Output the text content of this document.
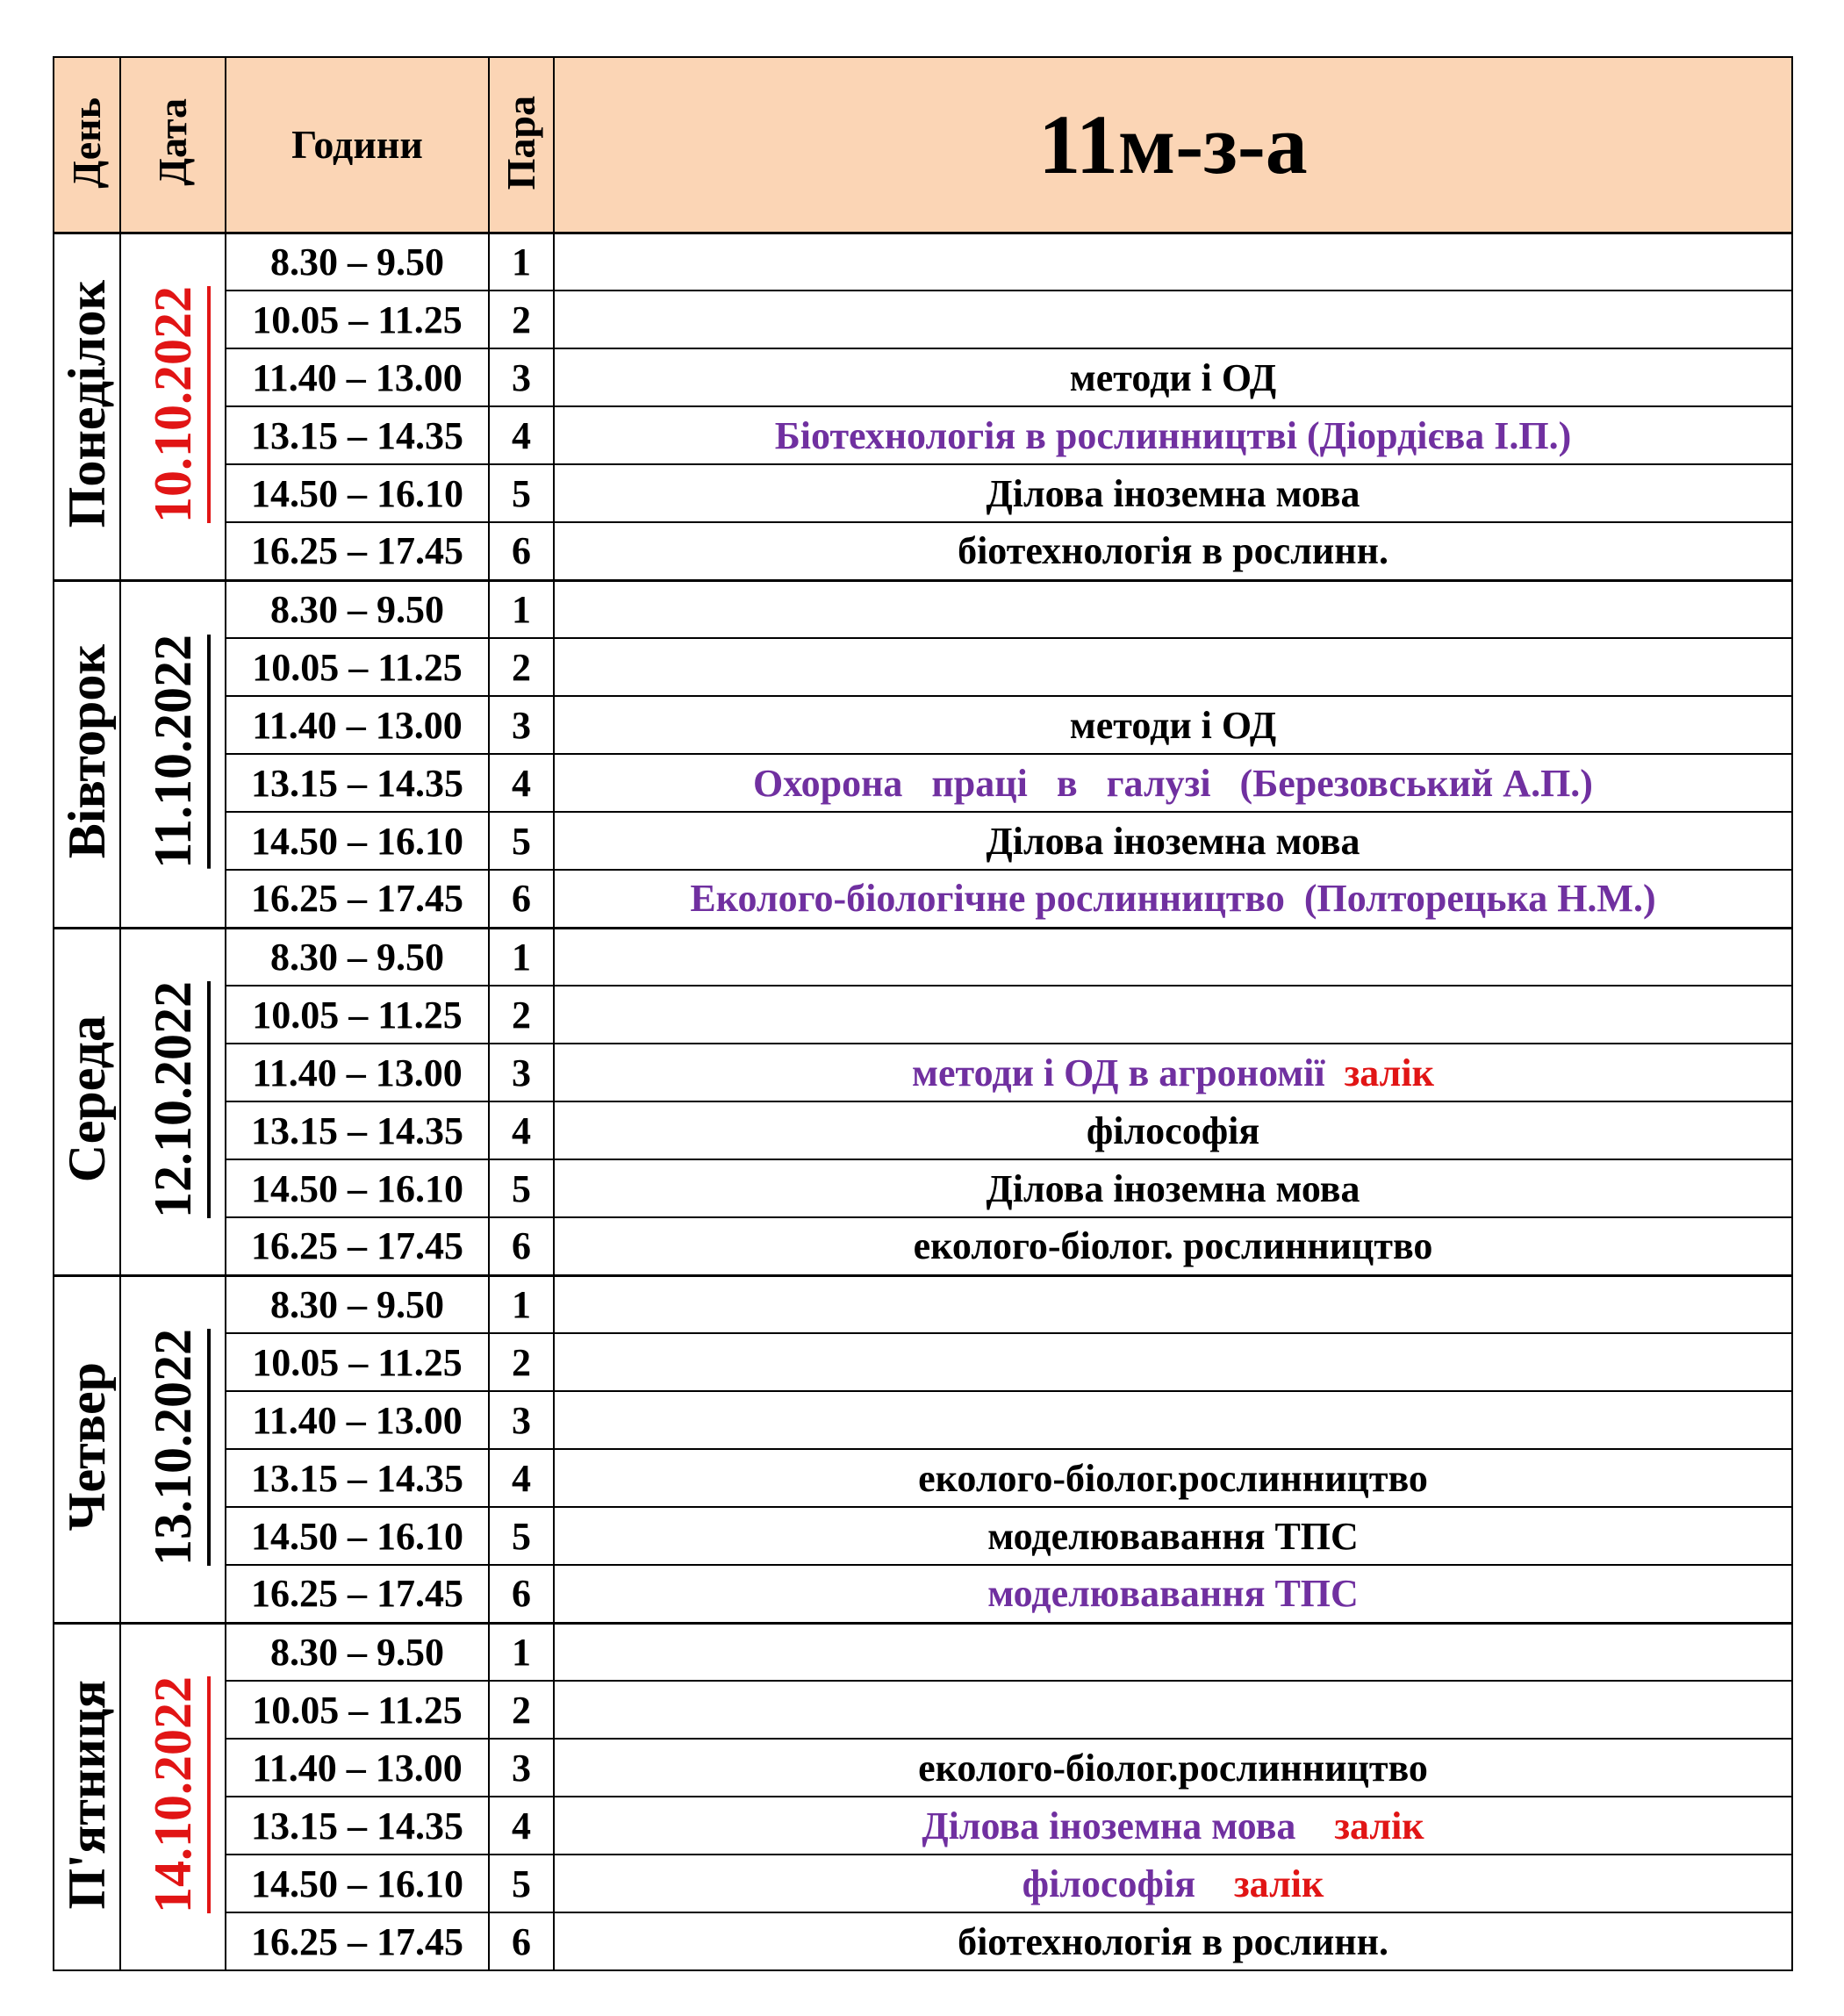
День	Дата	Години	Пара	11м-з-а
Понеділок	10.10.2022	8.30 – 9.50	1	
		10.05 – 11.25	2	
		11.40 – 13.00	3	методи і ОД
		13.15 – 14.35	4	Біотехнологія в рослинництві (Діордієва І.П.)
		14.50 – 16.10	5	Ділова іноземна мова
		16.25 – 17.45	6	біотехнологія в рослинн.
Вівторок	11.10.2022	8.30 – 9.50	1	
		10.05 – 11.25	2	
		11.40 – 13.00	3	методи і ОД
		13.15 – 14.35	4	Охорона   праці   в   галузі   (Березовський А.П.)
		14.50 – 16.10	5	Ділова іноземна мова
		16.25 – 17.45	6	Еколого-біологічне рослинництво  (Полторецька Н.М.)
Середа	12.10.2022	8.30 – 9.50	1	
		10.05 – 11.25	2	
		11.40 – 13.00	3	методи і ОД в агрономії  залік
		13.15 – 14.35	4	філософія
		14.50 – 16.10	5	Ділова іноземна мова
		16.25 – 17.45	6	еколого-біолог. рослинництво
Четвер	13.10.2022	8.30 – 9.50	1	
		10.05 – 11.25	2	
		11.40 – 13.00	3	
		13.15 – 14.35	4	еколого-біолог.рослинництво
		14.50 – 16.10	5	моделювавання ТПС
		16.25 – 17.45	6	моделювавання ТПС
П'ятниця	14.10.2022	8.30 – 9.50	1	
		10.05 – 11.25	2	
		11.40 – 13.00	3	еколого-біолог.рослинництво
		13.15 – 14.35	4	Ділова іноземна мова    залік
		14.50 – 16.10	5	філософія    залік
		16.25 – 17.45	6	біотехнологія в рослинн.
